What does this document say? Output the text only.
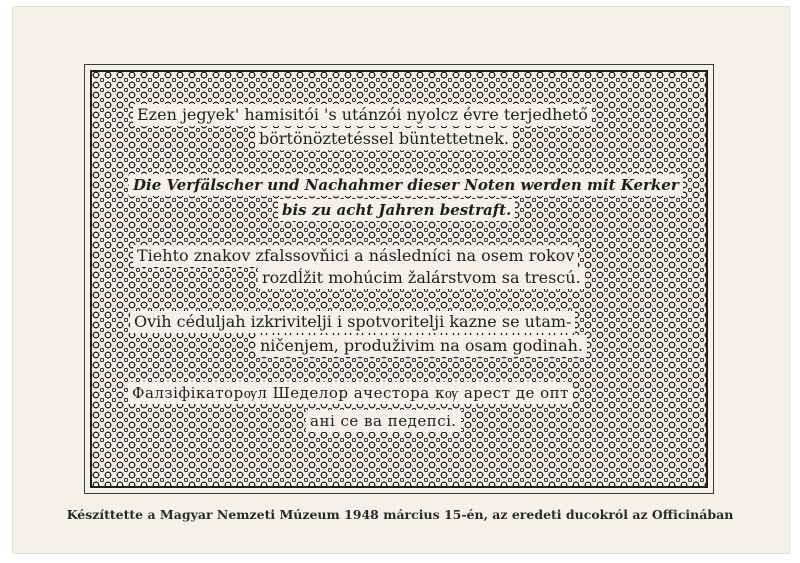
Ezen jegyek' hamisitói 's utánzói nyolcz évre terjedhető
börtönöztetéssel büntettetnek.
Die Verfälscher und Nachahmer dieser Noten werden mit Kerker
bis zu acht Jahren bestraft.
Tiehto znakov zfalssovňici a následníci na osem rokov
rozdĺžit mohúcim žalárstvom sa trescú.
Ovih céduljah izkrivitelji i spotvoritelji kazne se utam-
ničenjem, produživim na osam godinah.
Фалзіфікаторѹл Шеделор ачестора кѹ арест де опт
ані се ва педепсі.
Készíttette a Magyar Nemzeti Múzeum 1948 március 15-én, az eredeti ducokról az Officinában
